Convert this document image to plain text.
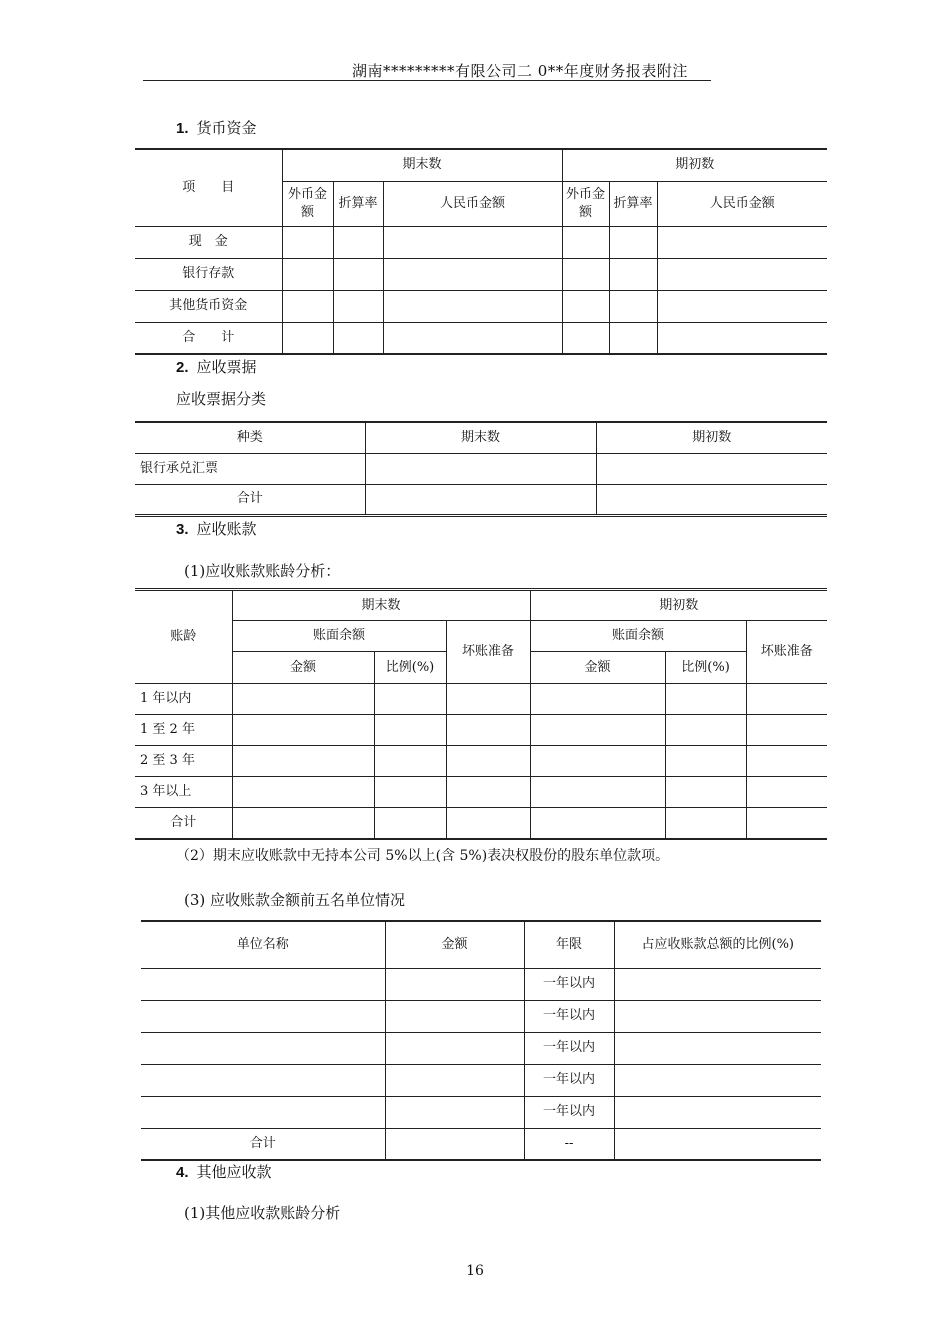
湖南*********有限公司二 0**年度财务报表附注
1. 货币资金
项　　目	期末数			期初数		
	外币金额	折算率	人民币金额	外币金额	折算率	人民币金额
现　金						
银行存款						
其他货币资金						
合　　计						
2. 应收票据
应收票据分类
种类	期末数	期初数
银行承兑汇票		
合计		
3. 应收账款
(1)应收账款账龄分析：
账龄	期末数			期初数		
	账面余额		坏账准备	账面余额		坏账准备
	金额	比例(%)		金额	比例(%)	
1 年以内						
1 至 2 年						
2 至 3 年						
3 年以上						
合计						
（2）期末应收账款中无持本公司 5%以上(含 5%)表决权股份的股东单位款项。
(3) 应收账款金额前五名单位情况
单位名称	金额	年限	占应收账款总额的比例(%)
		一年以内	
		一年以内	
		一年以内	
		一年以内	
		一年以内	
合计		--	
4. 其他应收款
(1)其他应收款账龄分析
16
